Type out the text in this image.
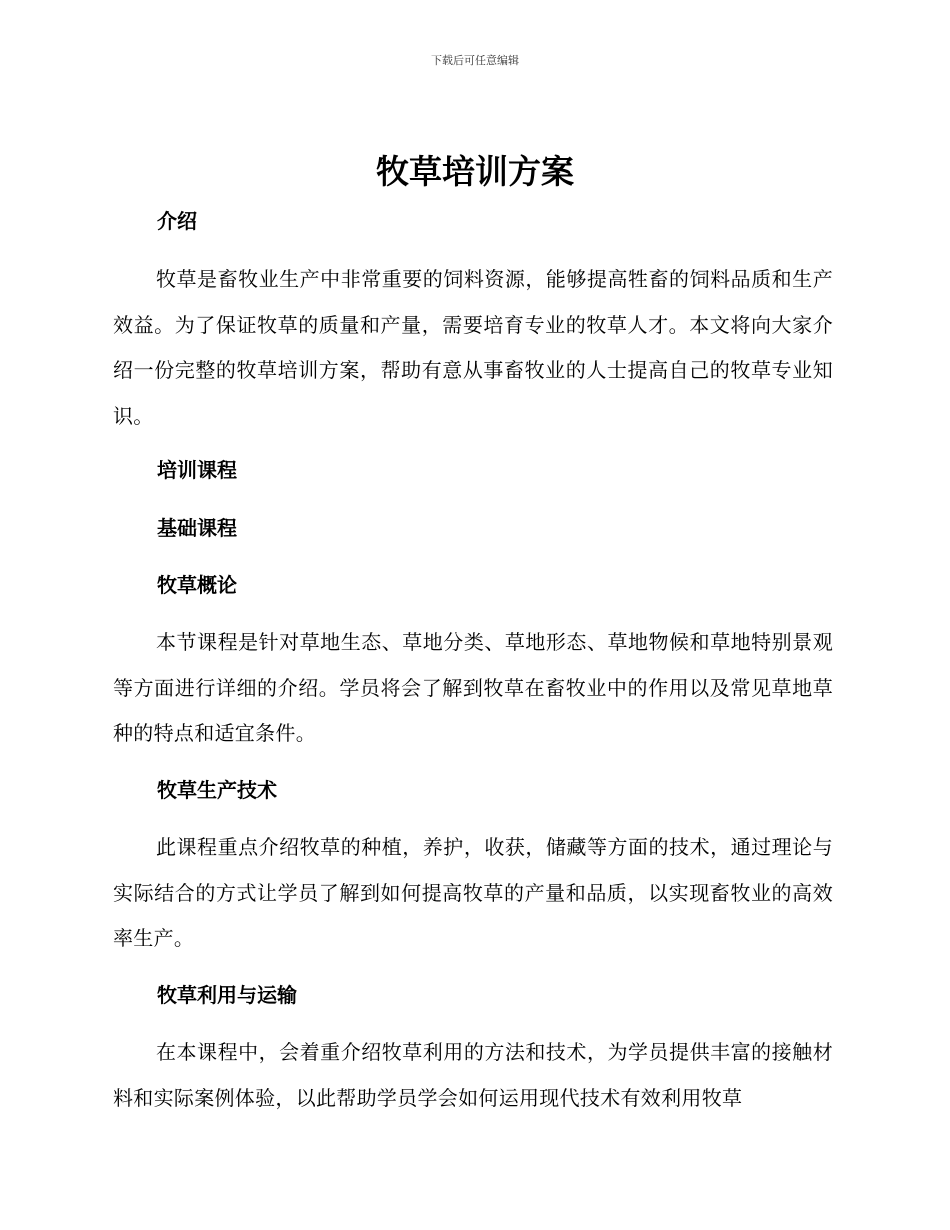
下载后可任意编辑
牧草培训方案
介绍
牧草是畜牧业生产中非常重要的饲料资源，能够提高牲畜的饲料品质和生产效益。为了保证牧草的质量和产量，需要培育专业的牧草人才。本文将向大家介绍一份完整的牧草培训方案，帮助有意从事畜牧业的人士提高自己的牧草专业知识。
培训课程
基础课程
牧草概论
本节课程是针对草地生态、草地分类、草地形态、草地物候和草地特别景观等方面进行详细的介绍。学员将会了解到牧草在畜牧业中的作用以及常见草地草种的特点和适宜条件。
牧草生产技术
此课程重点介绍牧草的种植，养护，收获，储藏等方面的技术，通过理论与实际结合的方式让学员了解到如何提高牧草的产量和品质，以实现畜牧业的高效率生产。
牧草利用与运输
在本课程中，会着重介绍牧草利用的方法和技术，为学员提供丰富的接触材料和实际案例体验，以此帮助学员学会如何运用现代技术有效利用牧草
